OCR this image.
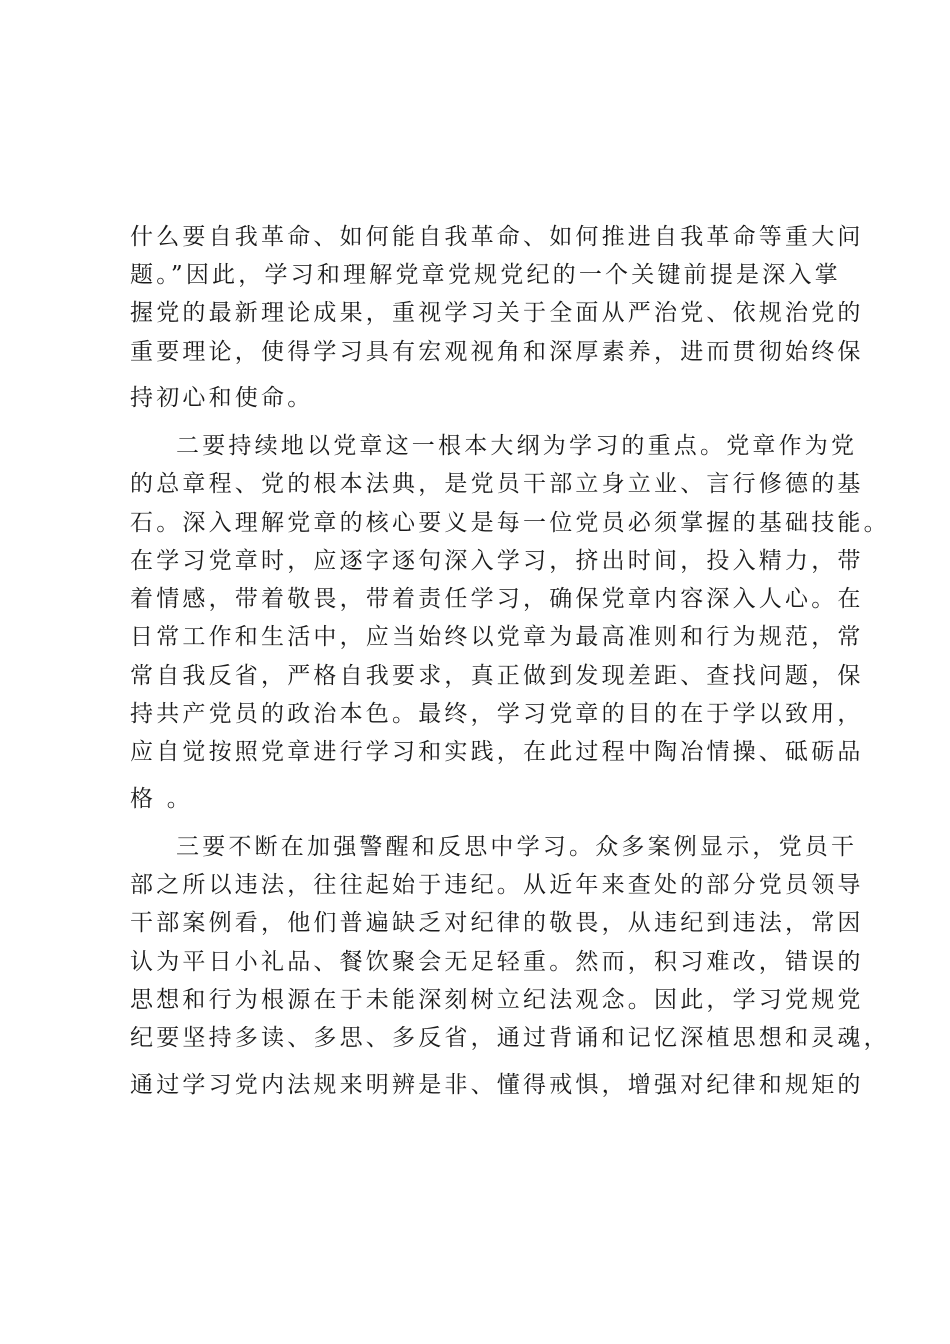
什么要自我革命、如何能自我革命、如何推进自我革命等重大问
题。”因此，学习和理解党章党规党纪的一个关键前提是深入掌
握党的最新理论成果，重视学习关于全面从严治党、依规治党的
重要理论，使得学习具有宏观视角和深厚素养，进而贯彻始终保
持初心和使命。
二要持续地以党章这一根本大纲为学习的重点。党章作为党
的总章程、党的根本法典，是党员干部立身立业、言行修德的基
石。深入理解党章的核心要义是每一位党员必须掌握的基础技能。
在学习党章时，应逐字逐句深入学习，挤出时间，投入精力，带
着情感，带着敬畏，带着责任学习，确保党章内容深入人心。在
日常工作和生活中，应当始终以党章为最高准则和行为规范，常
常自我反省，严格自我要求，真正做到发现差距、查找问题，保
持共产党员的政治本色。最终，学习党章的目的在于学以致用，
应自觉按照党章进行学习和实践，在此过程中陶冶情操、砥砺品
格 。
三要不断在加强警醒和反思中学习。众多案例显示，党员干
部之所以违法，往往起始于违纪。从近年来查处的部分党员领导
干部案例看，他们普遍缺乏对纪律的敬畏，从违纪到违法，常因
认为平日小礼品、餐饮聚会无足轻重。然而，积习难改，错误的
思想和行为根源在于未能深刻树立纪法观念。因此，学习党规党
纪要坚持多读、多思、多反省，通过背诵和记忆深植思想和灵魂，
通过学习党内法规来明辨是非、懂得戒惧，增强对纪律和规矩的
